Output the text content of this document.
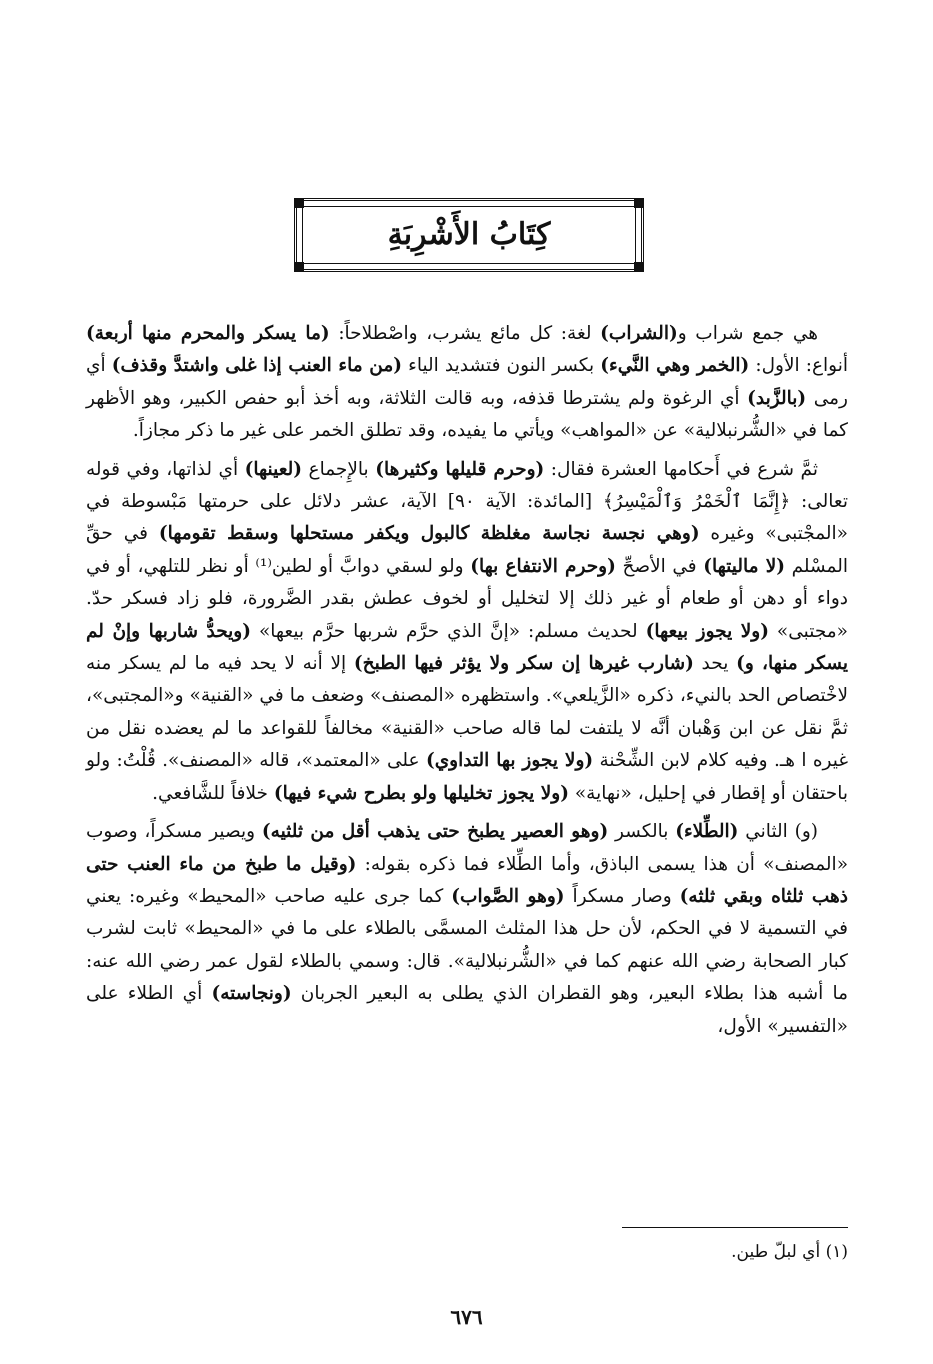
كِتَابُ الأَشْرِبَةِ

هي جمع شراب و(الشراب) لغة: كل مائع يشرب، واصْطلاحاً: (ما يسكر والمحرم منها أربعة) أنواع: الأول: (الخمر وهي النَّيء) بكسر النون فتشديد الياء (من ماء العنب إذا غلى واشتدَّ وقذف) أي رمى (بالزَّبد) أي الرغوة ولم يشترطا قذفه، وبه قالت الثلاثة، وبه أخذ أبو حفص الكبير، وهو الأظهر كما في «الشُّرنبلالية» عن «المواهب» ويأتي ما يفيده، وقد تطلق الخمر على غير ما ذكر مجازاً.

ثمَّ شرع في أَحكامها العشرة فقال: (وحرم قليلها وكثيرها) بالإِجماع (لعينها) أي لذاتها، وفي قوله تعالى: ﴿إِنَّمَا ٱلْخَمْرُ وَٱلْمَيْسِرُ﴾ [المائدة: الآية ٩٠] الآية، عشر دلائل على حرمتها مَبْسوطة في «المجْتبى» وغيره (وهي نجسة نجاسة مغلظة كالبول ويكفر مستحلها وسقط تقومها) في حقِّ المسْلم (لا ماليتها) في الأصحِّ (وحرم الانتفاع بها) ولو لسقي دوابَّ أو لطين⁽¹⁾ أو نظر للتلهي، أو في دواء أو دهن أو طعام أو غير ذلك إلا لتخليل أو لخوف عطش بقدر الضَّرورة، فلو زاد فسكر حدّ. «مجتبى» (ولا يجوز بيعها) لحديث مسلم: «إنَّ الذي حرَّم شربها حرَّم بيعها» (ويحدُّ شاربها وإنْ لم يسكر منها، و) يحد (شارب غيرها إن سكر ولا يؤثر فيها الطبخ) إلا أنه لا يحد فيه ما لم يسكر منه لاخْتصاص الحد بالنيء، ذكره «الزَّيلعي». واستظهره «المصنف» وضعف ما في «القنية» و«المجتبى»، ثمَّ نقل عن ابن وَهْبان أنَّه لا يلتفت لما قاله صاحب «القنية» مخالفاً للقواعد ما لم يعضده نقل من غيره ا هـ. وفيه كلام لابن الشِّحْنة (ولا يجوز بها التداوي) على «المعتمد»، قاله «المصنف». قُلْتُ: ولو باحتقان أو إقطار في إحليل، «نهاية» (ولا يجوز تخليلها ولو بطرح شيء فيها) خلافاً للشَّافعي.

(و) الثاني (الطِّلاء) بالكسر (وهو العصير يطبخ حتى يذهب أقل من ثلثيه) ويصير مسكراً، وصوب «المصنف» أن هذا يسمى الباذق، وأما الطِّلاء فما ذكره بقوله: (وقيل ما طبخ من ماء العنب حتى ذهب ثلثاه وبقي ثلثه) وصار مسكراً (وهو الصَّواب) كما جرى عليه صاحب «المحيط» وغيره: يعني في التسمية لا في الحكم، لأن حل هذا المثلث المسمَّى بالطلاء على ما في «المحيط» ثابت لشرب كبار الصحابة رضي الله عنهم كما في «الشُّرنبلالية». قال: وسمي بالطلاء لقول عمر رضي الله عنه: ما أشبه هذا بطلاء البعير، وهو القطران الذي يطلى به البعير الجربان (ونجاسته) أي الطلاء على «التفسير» الأول،

(١) أي لبلّ طين.
٦٧٦
